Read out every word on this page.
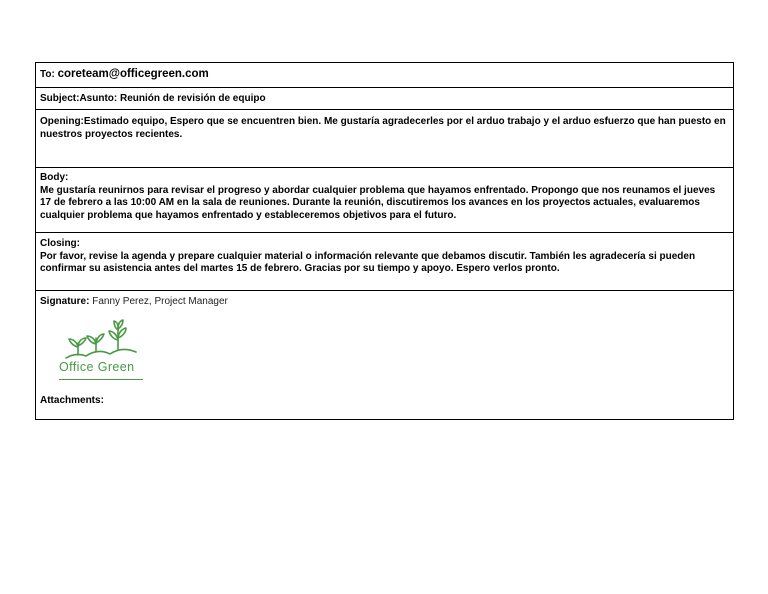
To: coreteam@officegreen.com
Subject:Asunto: Reunión de revisión de equipo
Opening:Estimado equipo, Espero que se encuentren bien. Me gustaría agradecerles por el arduo trabajo y el arduo esfuerzo que han puesto en nuestros proyectos recientes.
Body:
Me gustaría reunirnos para revisar el progreso y abordar cualquier problema que hayamos enfrentado. Propongo que nos reunamos el jueves 17 de febrero a las 10:00 AM en la sala de reuniones. Durante la reunión, discutiremos los avances en los proyectos actuales, evaluaremos cualquier problema que hayamos enfrentado y estableceremos objetivos para el futuro.
Closing:
Por favor, revise la agenda y prepare cualquier material o información relevante que debamos discutir. También les agradecería si pueden confirmar su asistencia antes del martes 15 de febrero. Gracias por su tiempo y apoyo. Espero verlos pronto.
Signature: Fanny Perez, Project Manager
Office Green
Attachments:
